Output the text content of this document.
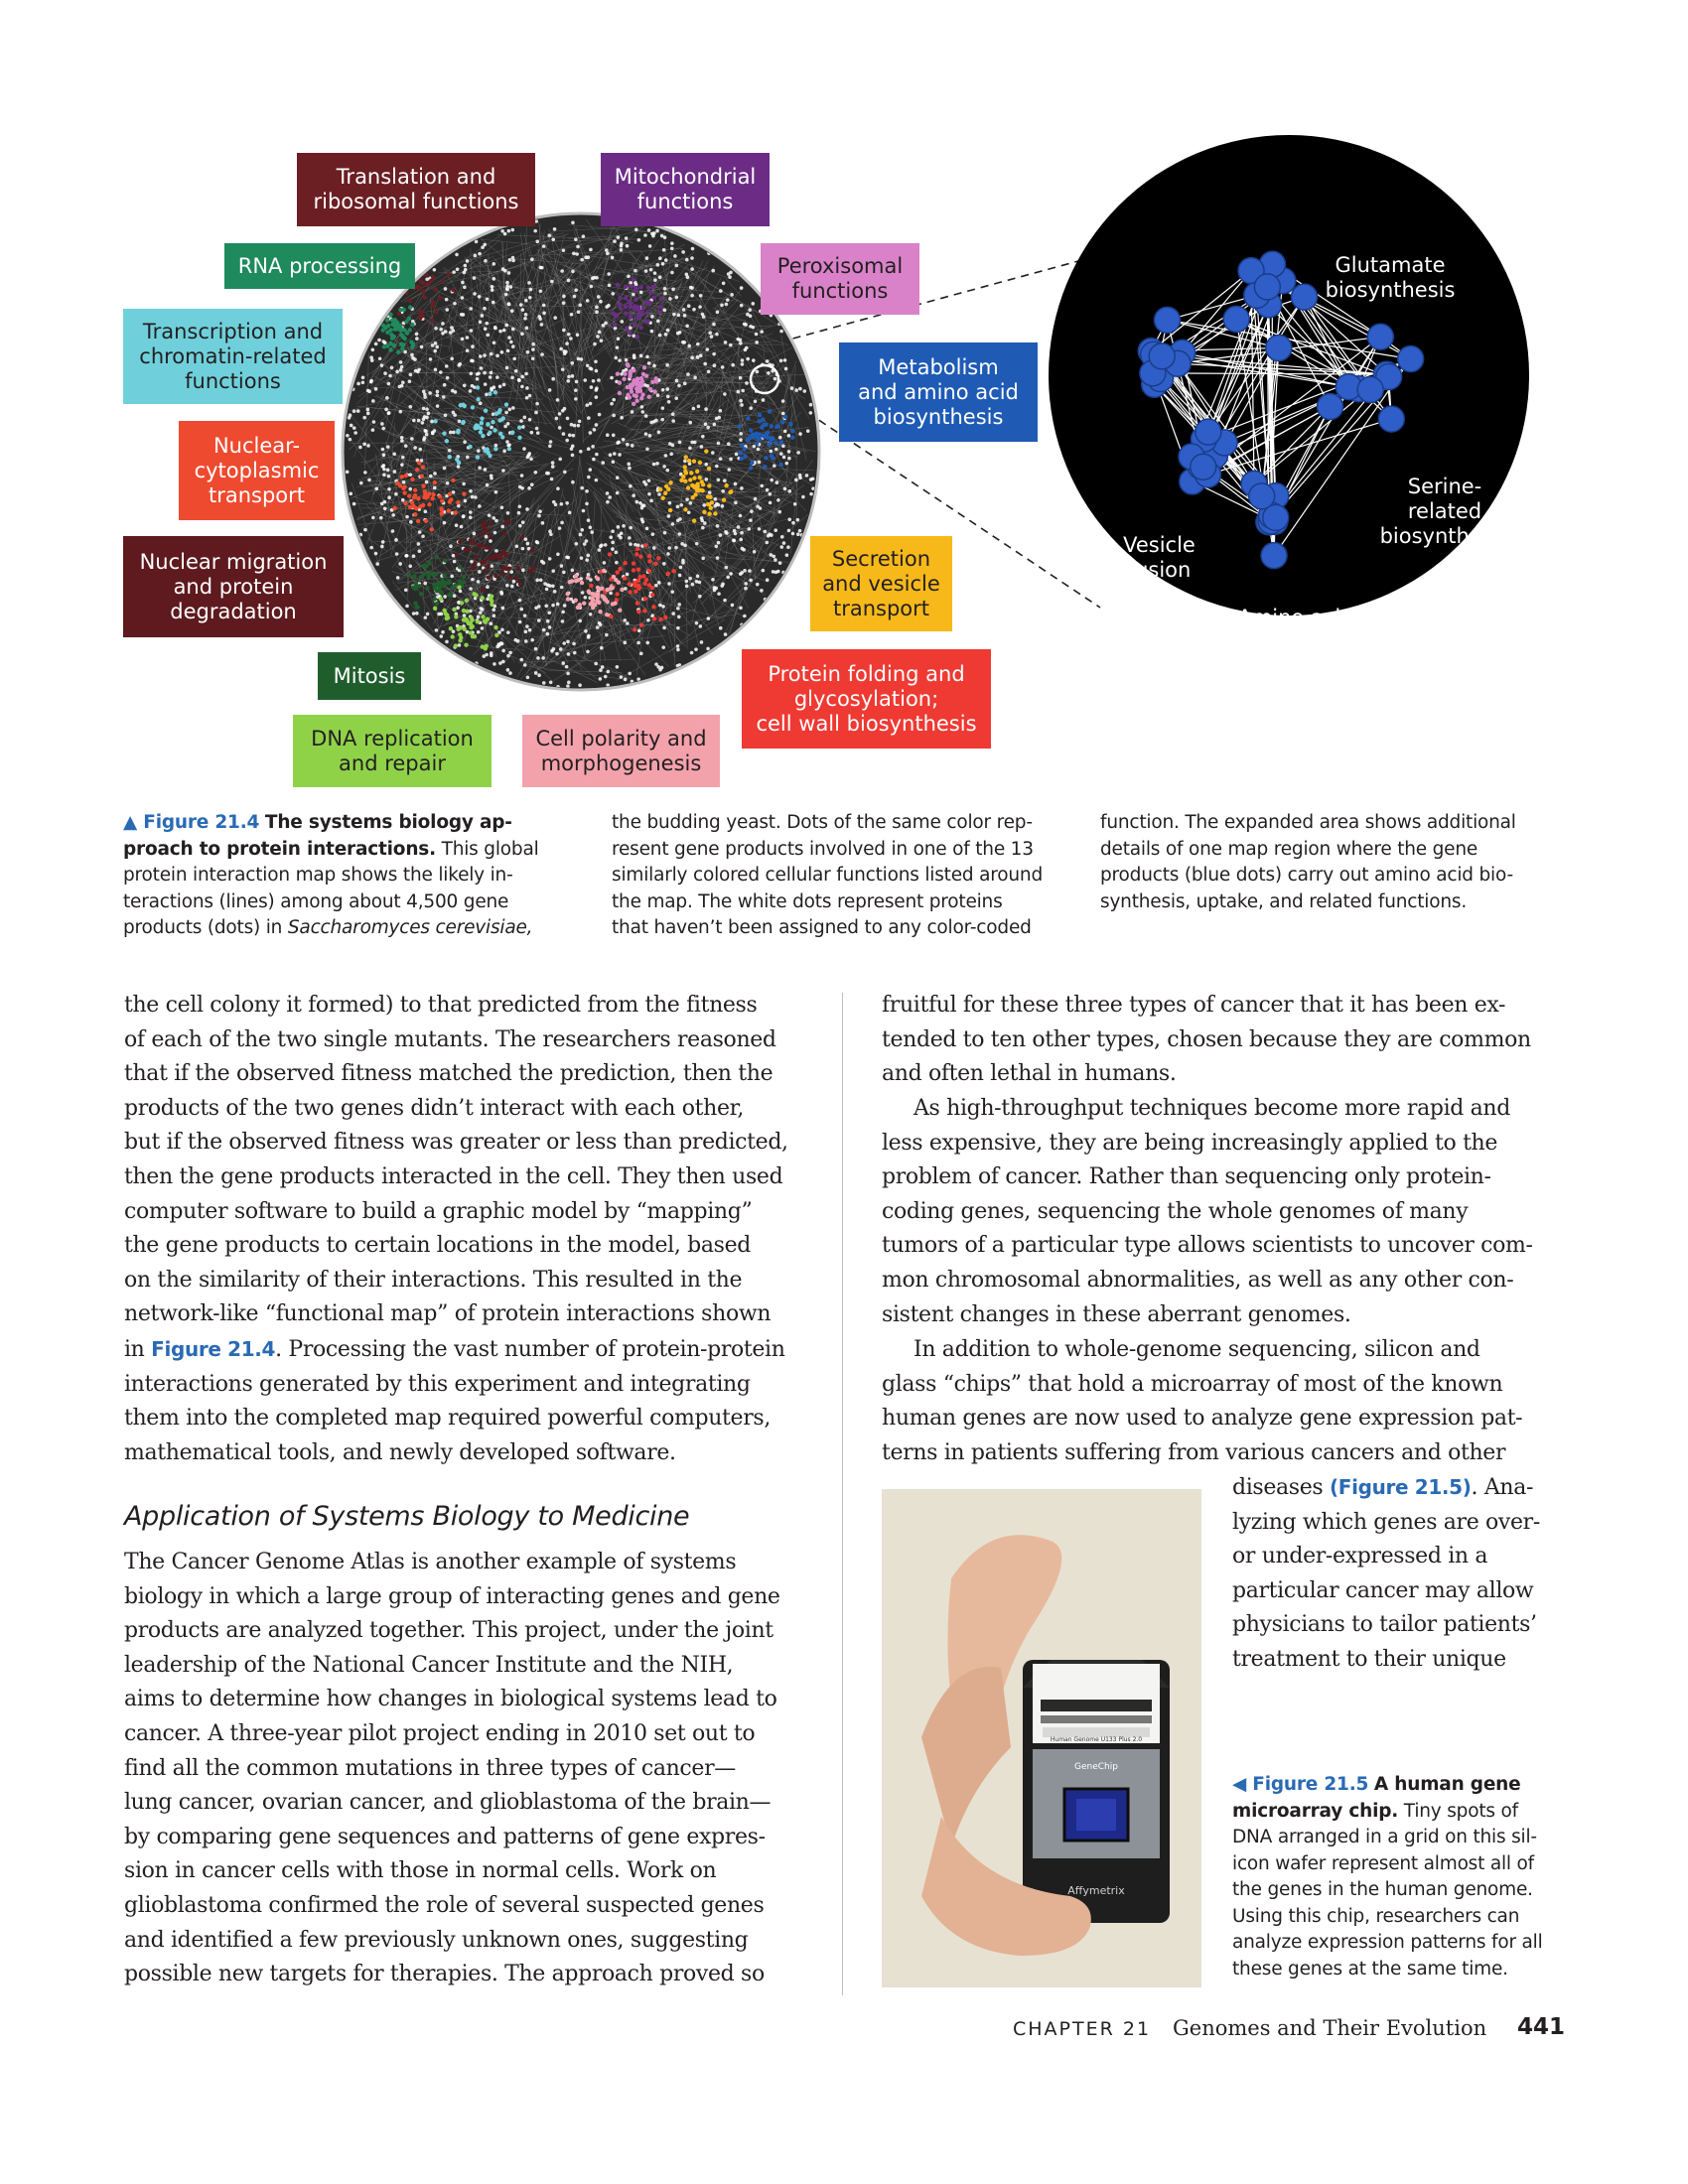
Translation and
ribosomal functions
Mitochondrial
functions
RNA processing	Peroxisomal
functions
Transcription and
chromatin-related
functions
Metabolism
and amino acid
biosynthesis
Nuclear-
cytoplasmic
transport
Nuclear migration
and protein
degradation
Secretion
and vesicle
transport
Mitosis	Protein folding and
glycosylation;
cell wall biosynthesis
DNA replication
and repair
Cell polarity and
morphogenesis
Glutamate
biosynthesis
Serine-
related
biosynthesis
Vesicle
fusion
Amino acid
permease pathway
▲ Figure 21.4 The systems biology ap-
proach to protein interactions. This global
protein interaction map shows the likely in-
teractions (lines) among about 4,500 gene
products (dots) in Saccharomyces cerevisiae,
the budding yeast. Dots of the same color rep-
resent gene products involved in one of the 13
similarly colored cellular functions listed around
the map. The white dots represent proteins
that haven’t been assigned to any color-coded
function. The expanded area shows additional
details of one map region where the gene
products (blue dots) carry out amino acid bio-
synthesis, uptake, and related functions.
the cell colony it formed) to that predicted from the fitness
of each of the two single mutants. The researchers reasoned
that if the observed fitness matched the prediction, then the
products of the two genes didn’t interact with each other,
but if the observed fitness was greater or less than predicted,
then the gene products interacted in the cell. They then used
computer software to build a graphic model by “mapping”
the gene products to certain locations in the model, based
on the similarity of their interactions. This resulted in the
network-like “functional map” of protein interactions shown
in Figure 21.4. Processing the vast number of protein-protein
interactions generated by this experiment and integrating
them into the completed map required powerful computers,
mathematical tools, and newly developed software.
Application of Systems Biology to Medicine
The Cancer Genome Atlas is another example of systems
biology in which a large group of interacting genes and gene
products are analyzed together. This project, under the joint
leadership of the National Cancer Institute and the NIH,
aims to determine how changes in biological systems lead to
cancer. A three-year pilot project ending in 2010 set out to
find all the common mutations in three types of cancer—
lung cancer, ovarian cancer, and glioblastoma of the brain—
by comparing gene sequences and patterns of gene expres-
sion in cancer cells with those in normal cells. Work on
glioblastoma confirmed the role of several suspected genes
and identified a few previously unknown ones, suggesting
possible new targets for therapies. The approach proved so
fruitful for these three types of cancer that it has been ex-
tended to ten other types, chosen because they are common
and often lethal in humans.
As high-throughput techniques become more rapid and
less expensive, they are being increasingly applied to the
problem of cancer. Rather than sequencing only protein-
coding genes, sequencing the whole genomes of many
tumors of a particular type allows scientists to uncover com-
mon chromosomal abnormalities, as well as any other con-
sistent changes in these aberrant genomes.
In addition to whole-genome sequencing, silicon and
glass “chips” that hold a microarray of most of the known
human genes are now used to analyze gene expression pat-
terns in patients suffering from various cancers and other
diseases (Figure 21.5). Ana-
lyzing which genes are over-
or under-expressed in a
particular cancer may allow
physicians to tailor patients’
treatment to their unique
GeneChip
Affymetrix
Human Genome U133 Plus 2.0
◀ Figure 21.5 A human gene
microarray chip. Tiny spots of
DNA arranged in a grid on this sil-
icon wafer represent almost all of
the genes in the human genome.
Using this chip, researchers can
analyze expression patterns for all
these genes at the same time.
CHAPTER 21 Genomes and Their Evolution 441
